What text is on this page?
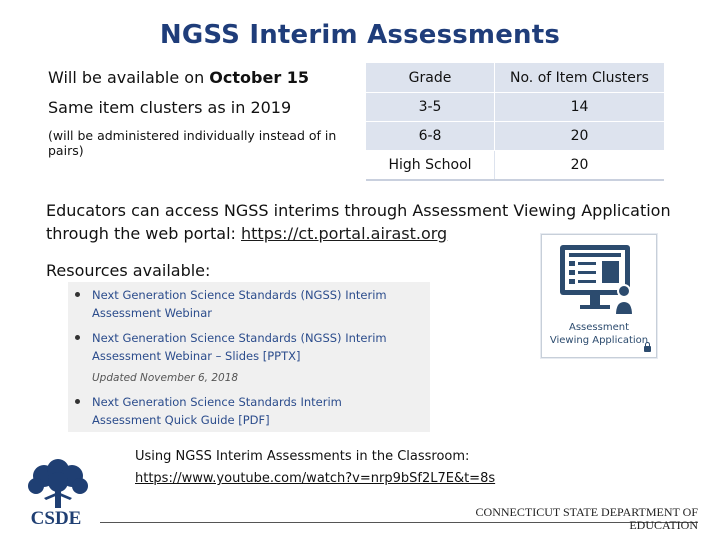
NGSS Interim Assessments
Will be available on October 15
Same item clusters as in 2019
(will be administered individually instead of in pairs)
Grade	No. of Item Clusters
3-5	14
6-8	20
High School	20
Educators can access NGSS interims through Assessment Viewing Application through the web portal: https://ct.portal.airast.org
Resources available:
Next Generation Science Standards (NGSS) Interim Assessment Webinar
Next Generation Science Standards (NGSS) Interim Assessment Webinar – Slides [PPTX]
Updated November 6, 2018
Next Generation Science Standards Interim Assessment Quick Guide [PDF]
Assessment
Viewing Application
Using NGSS Interim Assessments in the Classroom:
https://www.youtube.com/watch?v=nrp9bSf2L7E&t=8s
CSDE	CONNECTICUT STATE DEPARTMENT OF
EDUCATION
